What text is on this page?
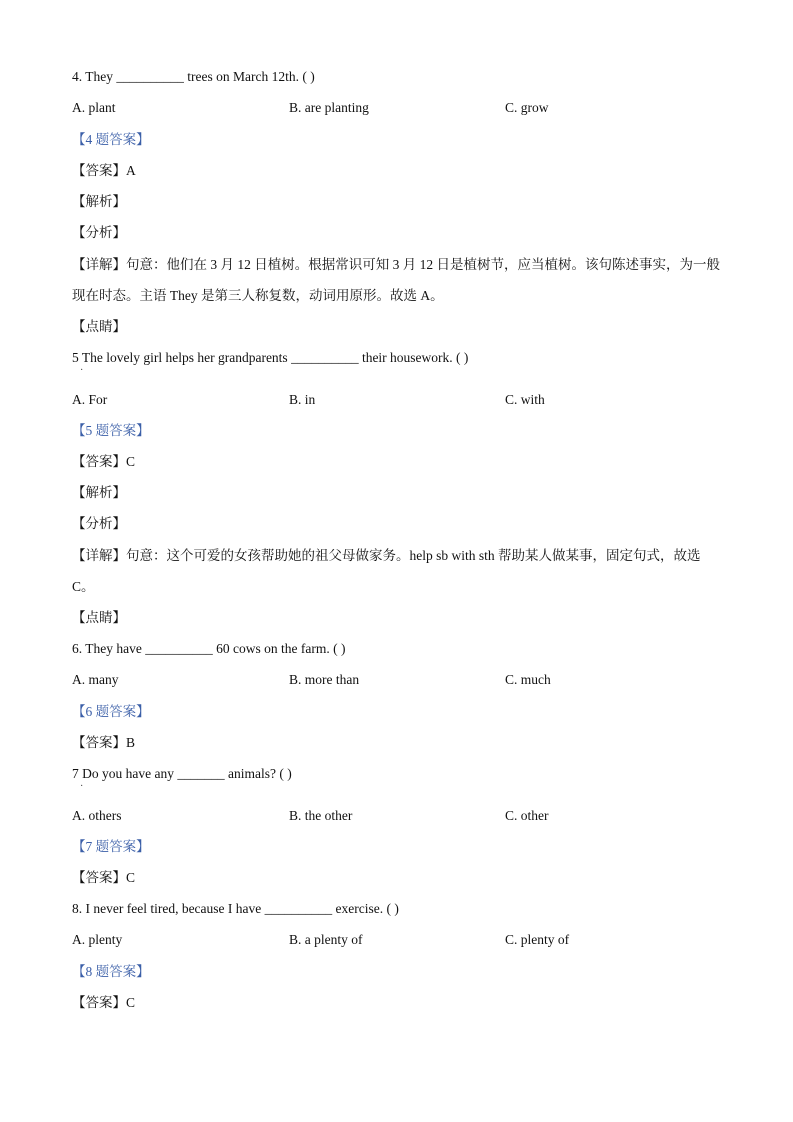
4. They __________ trees on March 12th. ( )
A. plant	B. are planting	C. grow
【4 题答案】
【答案】A
【解析】
【分析】
【详解】句意：他们在 3 月 12 日植树。根据常识可知 3 月 12 日是植树节，应当植树。该句陈述事实，为一般现在时态。主语 They 是第三人称复数，动词用原形。故选 A。
【点睛】
5 The lovely girl helps her grandparents __________ their housework. ( )
·
A. For	B. in	C. with
【5 题答案】
【答案】C
【解析】
【分析】
【详解】句意：这个可爱的女孩帮助她的祖父母做家务。help sb with sth 帮助某人做某事，固定句式，故选 C。
【点睛】
6. They have __________ 60 cows on the farm. ( )
A. many	B. more than	C. much
【6 题答案】
【答案】B
7 Do you have any _______ animals? ( )
·
A. others	B. the other	C. other
【7 题答案】
【答案】C
8. I never feel tired, because I have __________ exercise. ( )
A. plenty	B. a plenty of	C. plenty of
【8 题答案】
【答案】C
